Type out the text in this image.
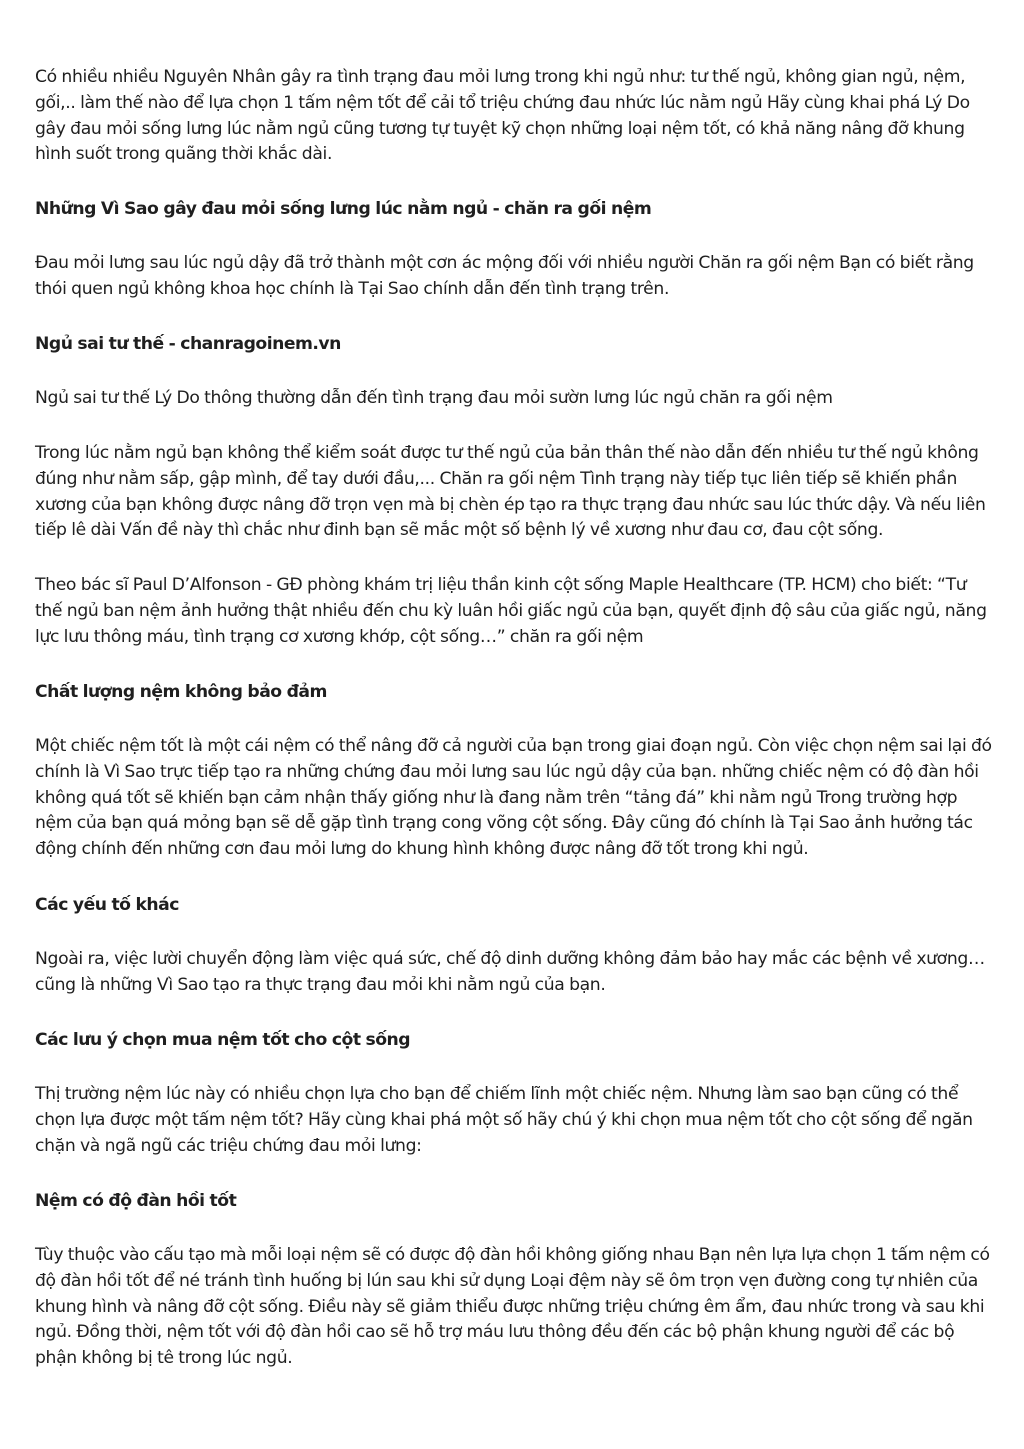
Có nhiều nhiều Nguyên Nhân gây ra tình trạng đau mỏi lưng trong khi ngủ như: tư thế ngủ, không gian ngủ, nệm, gối,.. làm thế nào để lựa chọn 1 tấm nệm tốt để cải tổ triệu chứng đau nhức lúc nằm ngủ Hãy cùng khai phá Lý Do gây đau mỏi sống lưng lúc nằm ngủ cũng tương tự tuyệt kỹ chọn những loại nệm tốt, có khả năng nâng đỡ khung hình suốt trong quãng thời khắc dài.

Những Vì Sao gây đau mỏi sống lưng lúc nằm ngủ - chăn ra gối nệm

Đau mỏi lưng sau lúc ngủ dậy đã trở thành một cơn ác mộng đối với nhiều người Chăn ra gối nệm Bạn có biết rằng thói quen ngủ không khoa học chính là Tại Sao chính dẫn đến tình trạng trên.

Ngủ sai tư thế - chanragoinem.vn

Ngủ sai tư thế Lý Do thông thường dẫn đến tình trạng đau mỏi sườn lưng lúc ngủ chăn ra gối nệm

Trong lúc nằm ngủ bạn không thể kiểm soát được tư thế ngủ của bản thân thế nào dẫn đến nhiều tư thế ngủ không đúng như nằm sấp, gập mình, để tay dưới đầu,... Chăn ra gối nệm Tình trạng này tiếp tục liên tiếp sẽ khiến phần xương của bạn không được nâng đỡ trọn vẹn mà bị chèn ép tạo ra thực trạng đau nhức sau lúc thức dậy. Và nếu liên tiếp lê dài Vấn đề này thì chắc như đinh bạn sẽ mắc một số bệnh lý về xương như đau cơ, đau cột sống.

Theo bác sĩ Paul D’Alfonson - GĐ phòng khám trị liệu thần kinh cột sống Maple Healthcare (TP. HCM) cho biết: “Tư thế ngủ ban nệm ảnh hưởng thật nhiều đến chu kỳ luân hồi giấc ngủ của bạn, quyết định độ sâu của giấc ngủ, năng lực lưu thông máu, tình trạng cơ xương khớp, cột sống…” chăn ra gối nệm

Chất lượng nệm không bảo đảm

Một chiếc nệm tốt là một cái nệm có thể nâng đỡ cả người của bạn trong giai đoạn ngủ. Còn việc chọn nệm sai lại đó chính là Vì Sao trực tiếp tạo ra những chứng đau mỏi lưng sau lúc ngủ dậy của bạn. những chiếc nệm có độ đàn hồi không quá tốt sẽ khiến bạn cảm nhận thấy giống như là đang nằm trên “tảng đá” khi nằm ngủ Trong trường hợp nệm của bạn quá mỏng bạn sẽ dễ gặp tình trạng cong võng cột sống. Đây cũng đó chính là Tại Sao ảnh hưởng tác động chính đến những cơn đau mỏi lưng do khung hình không được nâng đỡ tốt trong khi ngủ.

Các yếu tố khác

Ngoài ra, việc lười chuyển động làm việc quá sức, chế độ dinh dưỡng không đảm bảo hay mắc các bệnh về xương… cũng là những Vì Sao tạo ra thực trạng đau mỏi khi nằm ngủ của bạn.

Các lưu ý chọn mua nệm tốt cho cột sống

Thị trường nệm lúc này có nhiều chọn lựa cho bạn để chiếm lĩnh một chiếc nệm. Nhưng làm sao bạn cũng có thể chọn lựa được một tấm nệm tốt? Hãy cùng khai phá một số hãy chú ý khi chọn mua nệm tốt cho cột sống để ngăn chặn và ngã ngũ các triệu chứng đau mỏi lưng:

Nệm có độ đàn hồi tốt

Tùy thuộc vào cấu tạo mà mỗi loại nệm sẽ có được độ đàn hồi không giống nhau Bạn nên lựa lựa chọn 1 tấm nệm có độ đàn hồi tốt để né tránh tình huống bị lún sau khi sử dụng Loại đệm này sẽ ôm trọn vẹn đường cong tự nhiên của khung hình và nâng đỡ cột sống. Điều này sẽ giảm thiểu được những triệu chứng êm ẩm, đau nhức trong và sau khi ngủ. Đồng thời, nệm tốt với độ đàn hồi cao sẽ hỗ trợ máu lưu thông đều đến các bộ phận khung người để các bộ phận không bị tê trong lúc ngủ.
